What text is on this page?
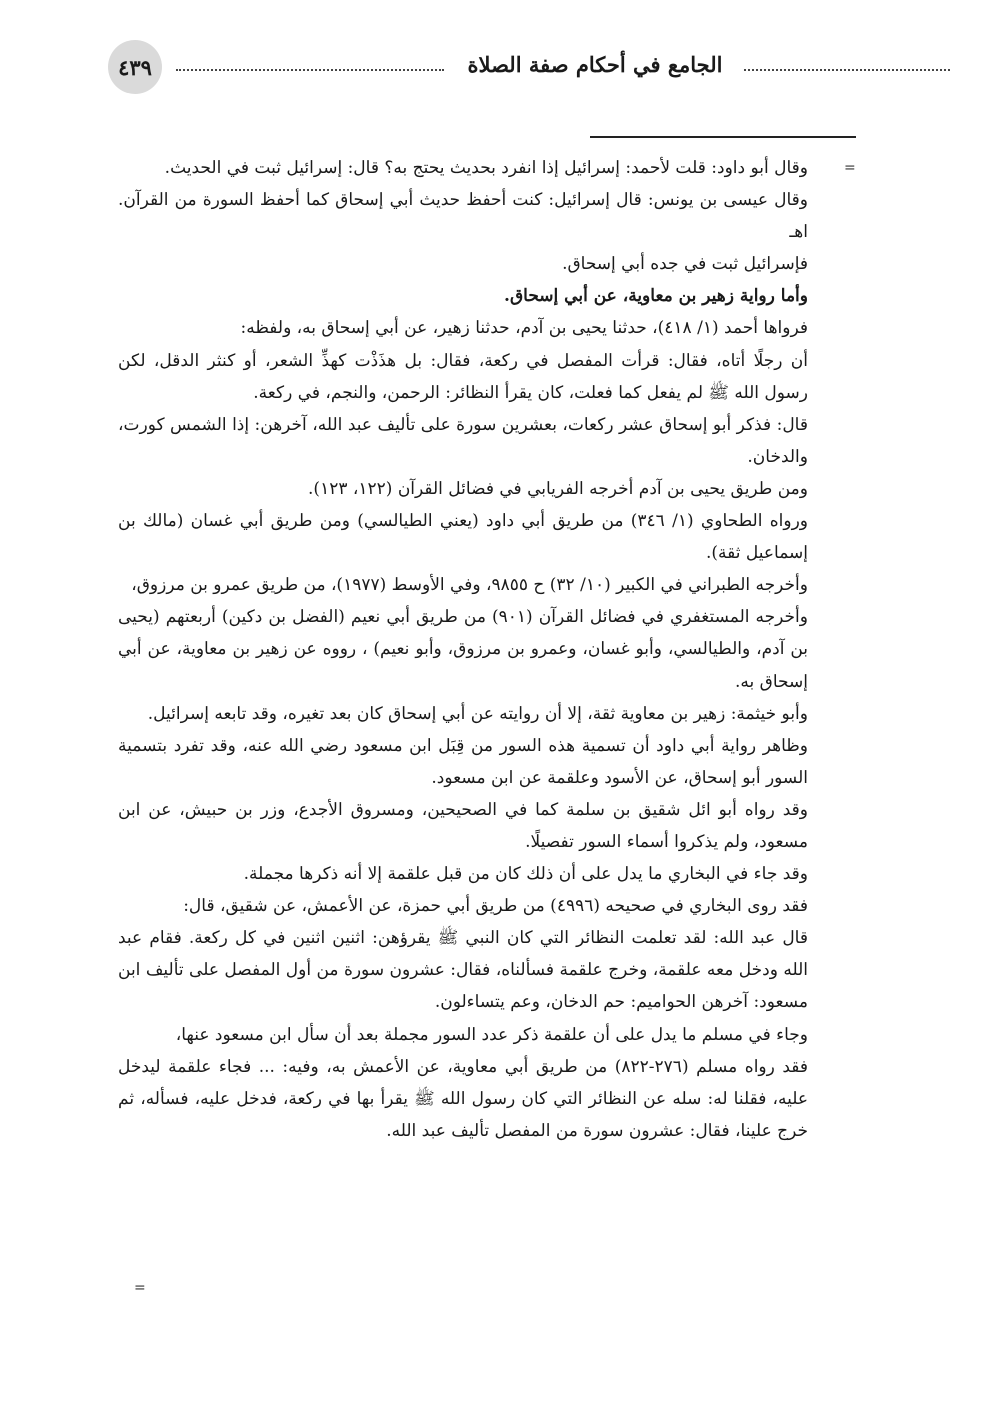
٤٣٩	الجامع في أحكام صفة الصلاة
=

وقال أبو داود: قلت لأحمد: إسرائيل إذا انفرد بحديث يحتج به؟ قال: إسرائيل ثبت في الحديث.

وقال عيسى بن يونس: قال إسرائيل: كنت أحفظ حديث أبي إسحاق كما أحفظ السورة من القرآن. اهـ

فإسرائيل ثبت في جده أبي إسحاق.

وأما رواية زهير بن معاوية، عن أبي إسحاق.

فرواها أحمد (١/ ٤١٨)، حدثنا يحيى بن آدم، حدثنا زهير، عن أبي إسحاق به، ولفظه:

أن رجلًا أتاه، فقال: قرأت المفصل في ركعة، فقال: بل هذَذْت كهذِّ الشعر، أو كنثر الدقل، لكن رسول الله ﷺ لم يفعل كما فعلت، كان يقرأ النظائر: الرحمن، والنجم، في ركعة.

قال: فذكر أبو إسحاق عشر ركعات، بعشرين سورة على تأليف عبد الله، آخرهن: إذا الشمس كورت، والدخان.

ومن طريق يحيى بن آدم أخرجه الفريابي في فضائل القرآن (١٢٢، ١٢٣).

ورواه الطحاوي (١/ ٣٤٦) من طريق أبي داود (يعني الطيالسي) ومن طريق أبي غسان (مالك بن إسماعيل ثقة).

وأخرجه الطبراني في الكبير (١٠/ ٣٢) ح ٩٨٥٥، وفي الأوسط (١٩٧٧)، من طريق عمرو بن مرزوق،

وأخرجه المستغفري في فضائل القرآن (٩٠١) من طريق أبي نعيم (الفضل بن دكين) أربعتهم (يحيى بن آدم، والطيالسي، وأبو غسان، وعمرو بن مرزوق، وأبو نعيم) ، رووه عن زهير بن معاوية، عن أبي إسحاق به.

وأبو خيثمة: زهير بن معاوية ثقة، إلا أن روايته عن أبي إسحاق كان بعد تغيره، وقد تابعه إسرائيل.

وظاهر رواية أبي داود أن تسمية هذه السور من قِبَل ابن مسعود رضي الله عنه، وقد تفرد بتسمية السور أبو إسحاق، عن الأسود وعلقمة عن ابن مسعود.

وقد رواه أبو ائل شقيق بن سلمة كما في الصحيحين، ومسروق الأجدع، وزر بن حبيش، عن ابن مسعود، ولم يذكروا أسماء السور تفصيلًا.

وقد جاء في البخاري ما يدل على أن ذلك كان من قبل علقمة إلا أنه ذكرها مجملة.

فقد روى البخاري في صحيحه (٤٩٩٦) من طريق أبي حمزة، عن الأعمش، عن شقيق، قال:

قال عبد الله: لقد تعلمت النظائر التي كان النبي ﷺ يقرؤهن: اثنين اثنين في كل ركعة. فقام عبد الله ودخل معه علقمة، وخرج علقمة فسألناه، فقال: عشرون سورة من أول المفصل على تأليف ابن مسعود: آخرهن الحواميم: حم الدخان، وعم يتساءلون.

وجاء في مسلم ما يدل على أن علقمة ذكر عدد السور مجملة بعد أن سأل ابن مسعود عنها،

فقد رواه مسلم (٢٧٦-٨٢٢) من طريق أبي معاوية، عن الأعمش به، وفيه: ... فجاء علقمة ليدخل عليه، فقلنا له: سله عن النظائر التي كان رسول الله ﷺ يقرأ بها في ركعة، فدخل عليه، فسأله، ثم خرج علينا، فقال: عشرون سورة من المفصل تأليف عبد الله.

=
